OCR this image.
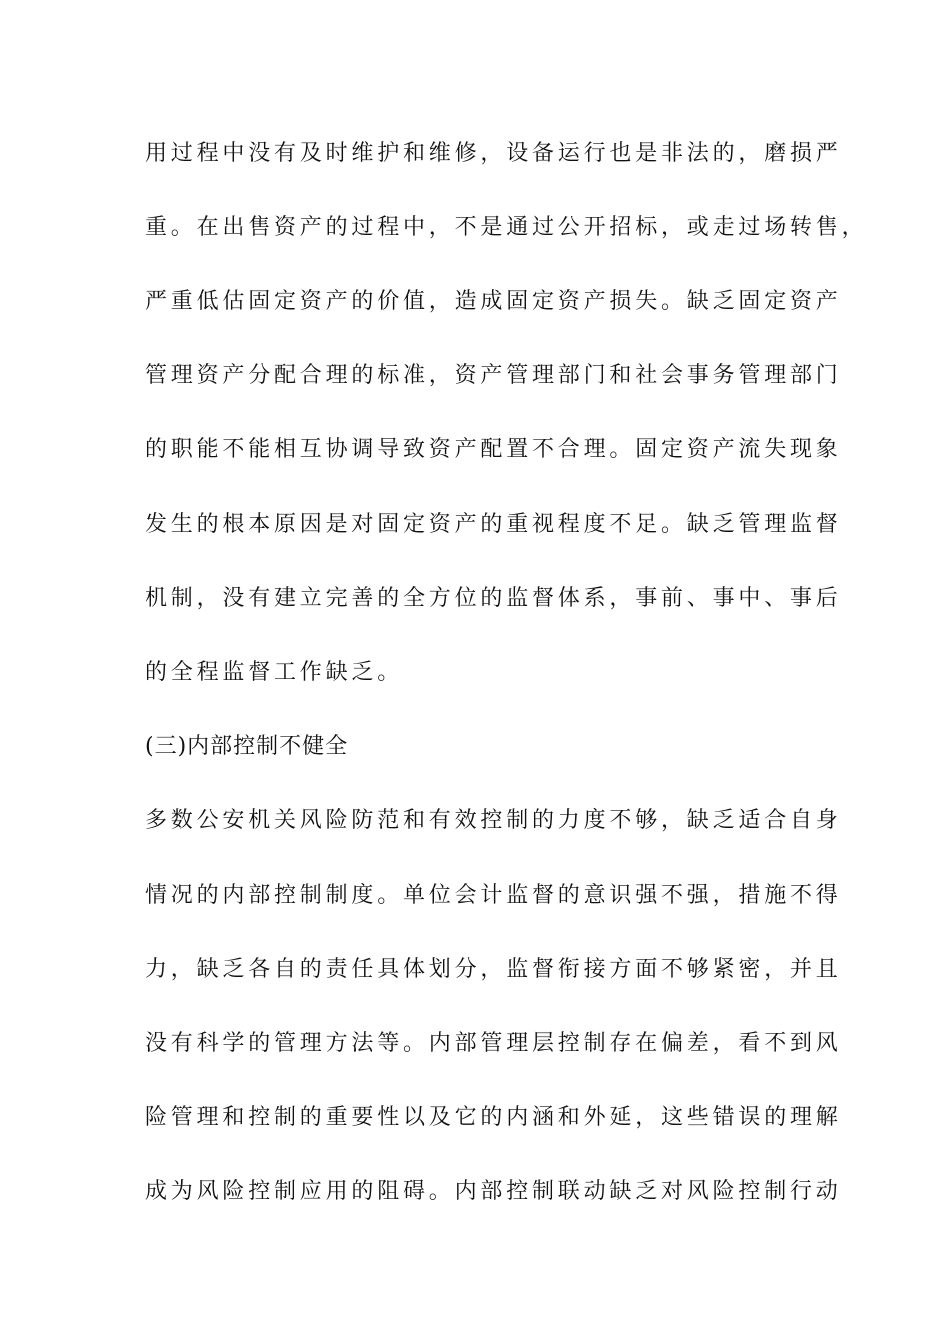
用过程中没有及时维护和维修，设备运行也是非法的，磨损严
重。在出售资产的过程中，不是通过公开招标，或走过场转售，
严重低估固定资产的价值，造成固定资产损失。缺乏固定资产
管理资产分配合理的标准，资产管理部门和社会事务管理部门
的职能不能相互协调导致资产配置不合理。固定资产流失现象
发生的根本原因是对固定资产的重视程度不足。缺乏管理监督
机制，没有建立完善的全方位的监督体系，事前、事中、事后
的全程监督工作缺乏。
(三)内部控制不健全
多数公安机关风险防范和有效控制的力度不够，缺乏适合自身
情况的内部控制制度。单位会计监督的意识强不强，措施不得
力，缺乏各自的责任具体划分，监督衔接方面不够紧密，并且
没有科学的管理方法等。内部管理层控制存在偏差，看不到风
险管理和控制的重要性以及它的内涵和外延，这些错误的理解
成为风险控制应用的阻碍。内部控制联动缺乏对风险控制行动
